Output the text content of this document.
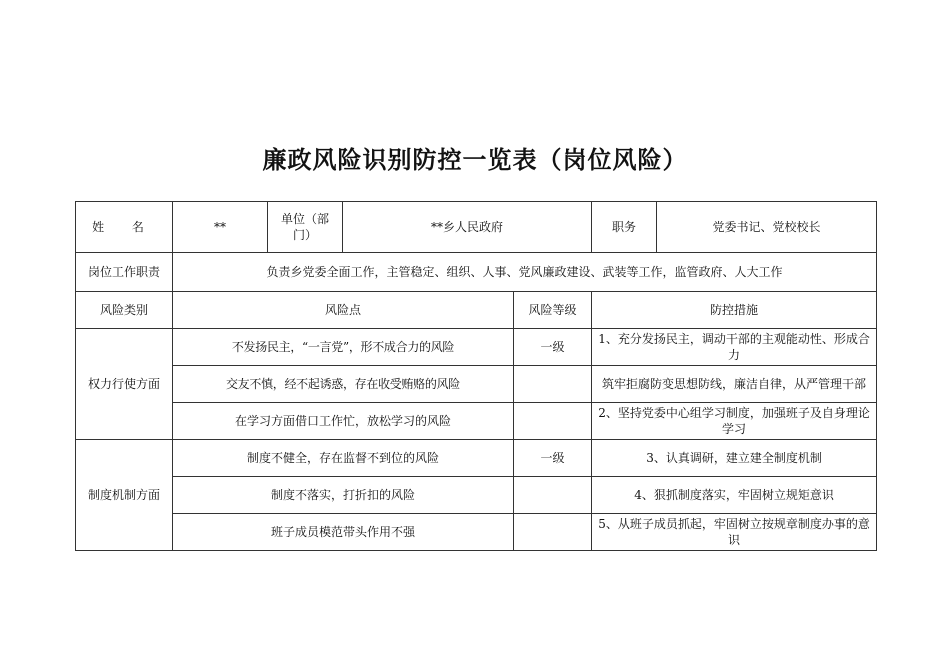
廉政风险识别防控一览表（岗位风险）
姓 名	**	单位（部门）	**乡人民政府		职务	党委书记、党校校长
岗位工作职责	负责乡党委全面工作，主管稳定、组织、人事、党风廉政建设、武装等工作，监管政府、人大工作					
风险类别	风险点			风险等级	防控措施	
权力行使方面	不发扬民主，“一言党”，形不成合力的风险			一级	1、充分发扬民主，调动干部的主观能动性、形成合力	
	交友不慎，经不起诱惑，存在收受贿赂的风险				筑牢拒腐防变思想防线，廉洁自律，从严管理干部	
	在学习方面借口工作忙，放松学习的风险				2、坚持党委中心组学习制度，加强班子及自身理论学习	
制度机制方面	制度不健全，存在监督不到位的风险			一级	3、认真调研，建立建全制度机制	
	制度不落实，打折扣的风险				4、狠抓制度落实，牢固树立规矩意识	
	班子成员模范带头作用不强				5、从班子成员抓起，牢固树立按规章制度办事的意识	
